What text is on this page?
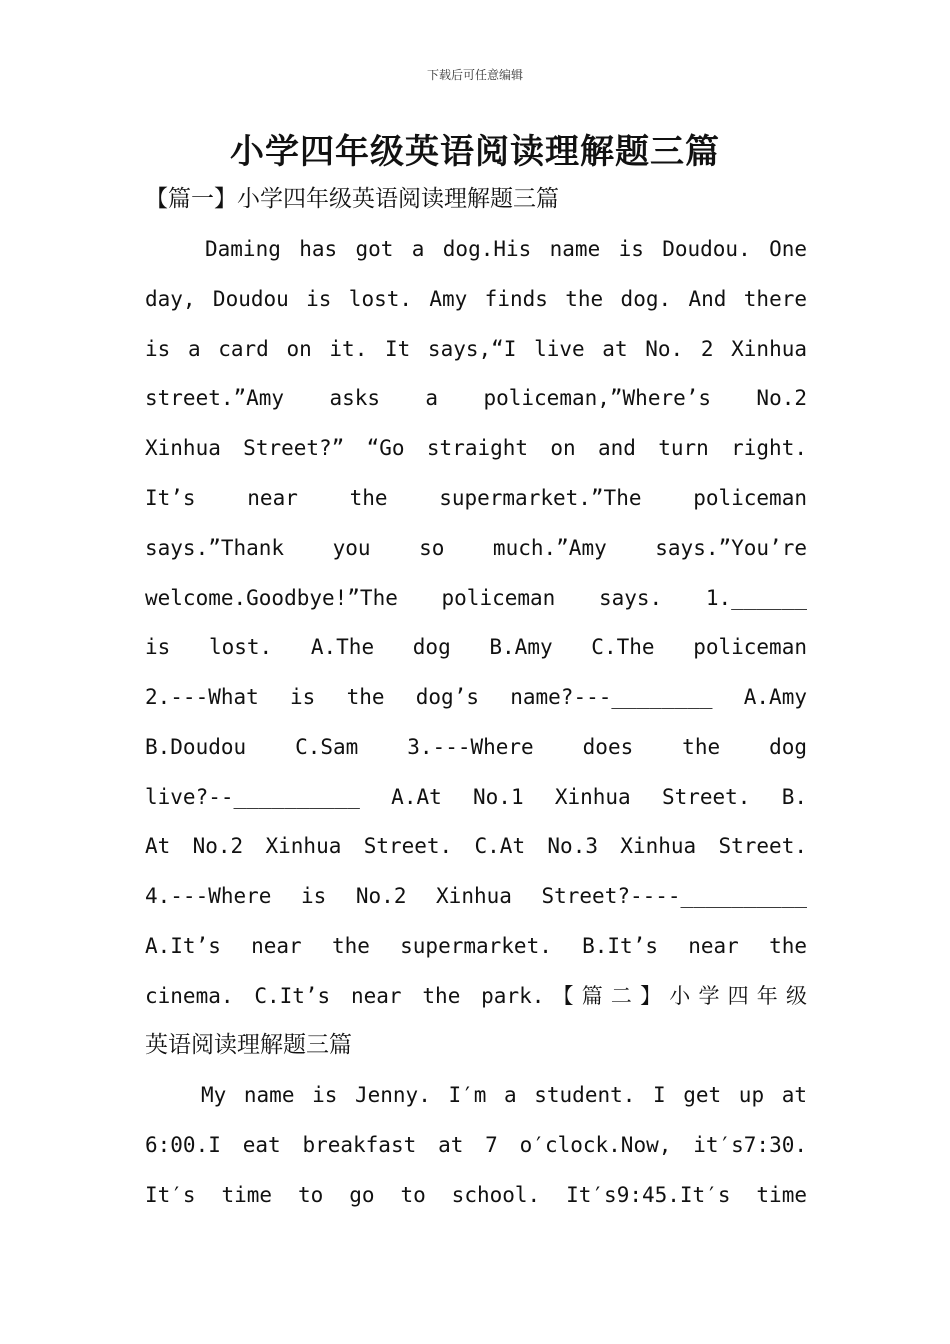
下载后可任意编辑
小学四年级英语阅读理解题三篇
【篇一】小学四年级英语阅读理解题三篇
Daming has got a dog.His name is Doudou. One
day, Doudou is lost. Amy finds the dog. And there
is a card on it. It says,“I live at No. 2 Xinhua
street.”Amy asks a policeman,”Where’s No.2
Xinhua Street?” “Go straight on and turn right.
It’s near the supermarket.”The policeman
says.”Thank you so much.”Amy says.”You’re
welcome.Goodbye!”The policeman says. 1.______
is lost. A.The dog B.Amy C.The policeman
2.---What is the dog’s name?---________ A.Amy
B.Doudou C.Sam 3.---Where does the dog
live?--__________ A.At No.1 Xinhua Street. B.
At No.2 Xinhua Street. C.At No.3 Xinhua Street.
4.---Where is No.2 Xinhua Street?----__________
A.It’s near the supermarket. B.It’s near the
cinema. C.It’s near the park.【篇二】小学四年级
英语阅读理解题三篇
My name is Jenny. I′m a student. I get up at
6:00.I eat breakfast at 7 o′clock.Now, it′s7:30.
It′s time to go to school. It′s9:45.It′s time
